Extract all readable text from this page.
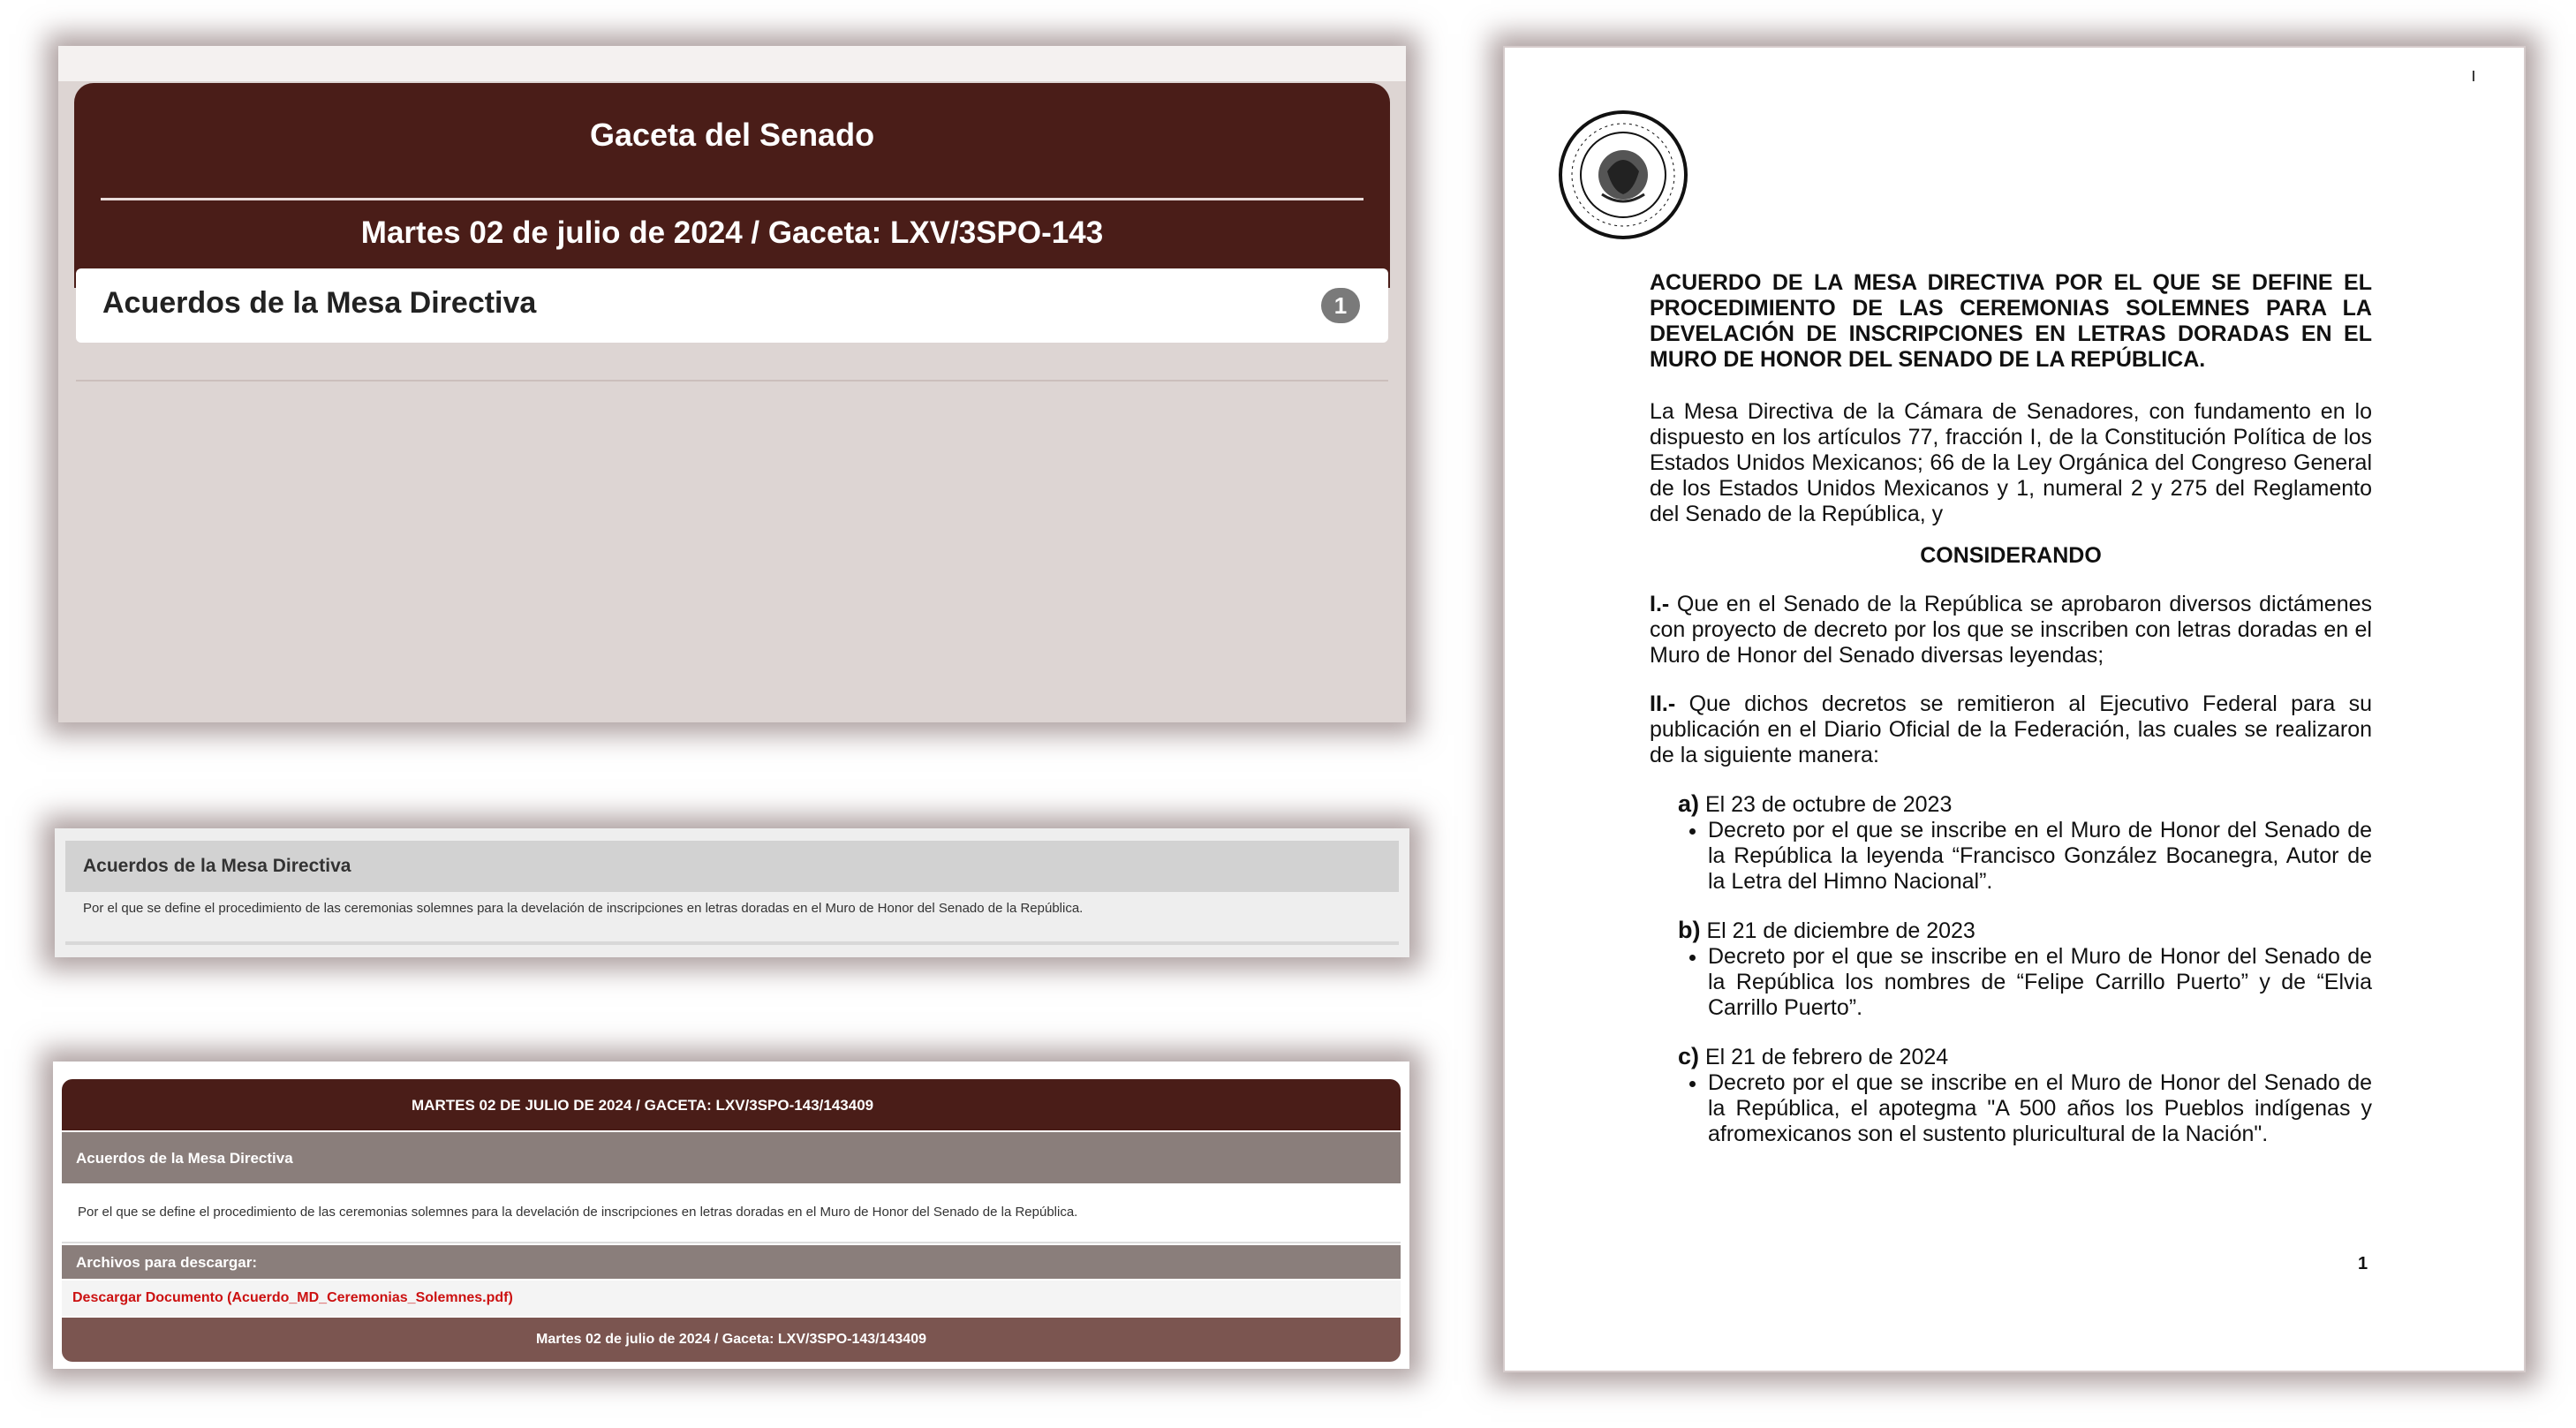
Gaceta del Senado
Martes 02 de julio de 2024 / Gaceta: LXV/3SPO-143
Acuerdos de la Mesa Directiva	1
Acuerdos de la Mesa Directiva
Por el que se define el procedimiento de las ceremonias solemnes para la develación de inscripciones en letras doradas en el Muro de Honor del Senado de la República.
MARTES 02 DE JULIO DE 2024 / GACETA: LXV/3SPO-143/143409
Acuerdos de la Mesa Directiva
Por el que se define el procedimiento de las ceremonias solemnes para la develación de inscripciones en letras doradas en el Muro de Honor del Senado de la República.
Archivos para descargar:
Descargar Documento (Acuerdo_MD_Ceremonias_Solemnes.pdf)
Martes 02 de julio de 2024 / Gaceta: LXV/3SPO-143/143409
ı

ACUERDO DE LA MESA DIRECTIVA POR EL QUE SE DEFINE EL PROCEDIMIENTO DE LAS CEREMONIAS SOLEMNES PARA LA DEVELACIÓN DE INSCRIPCIONES EN LETRAS DORADAS EN EL MURO DE HONOR DEL SENADO DE LA REPÚBLICA.

La Mesa Directiva de la Cámara de Senadores, con fundamento en lo dispuesto en los artículos 77, fracción I, de la Constitución Política de los Estados Unidos Mexicanos; 66 de la Ley Orgánica del Congreso General de los Estados Unidos Mexicanos y 1, numeral 2 y 275 del Reglamento del Senado de la República, y

CONSIDERANDO

I.- Que en el Senado de la República se aprobaron diversos dictámenes con proyecto de decreto por los que se inscriben con letras doradas en el Muro de Honor del Senado diversas leyendas;

II.- Que dichos decretos se remitieron al Ejecutivo Federal para su publicación en el Diario Oficial de la Federación, las cuales se realizaron de la siguiente manera:

a) El 23 de octubre de 2023
• Decreto por el que se inscribe en el Muro de Honor del Senado de la República la leyenda “Francisco González Bocanegra, Autor de la Letra del Himno Nacional”.
b) El 21 de diciembre de 2023
• Decreto por el que se inscribe en el Muro de Honor del Senado de la República los nombres de “Felipe Carrillo Puerto” y de “Elvia Carrillo Puerto”.
c) El 21 de febrero de 2024
• Decreto por el que se inscribe en el Muro de Honor del Senado de la República, el apotegma "A 500 años los Pueblos indígenas y afromexicanos son el sustento pluricultural de la Nación".
1
